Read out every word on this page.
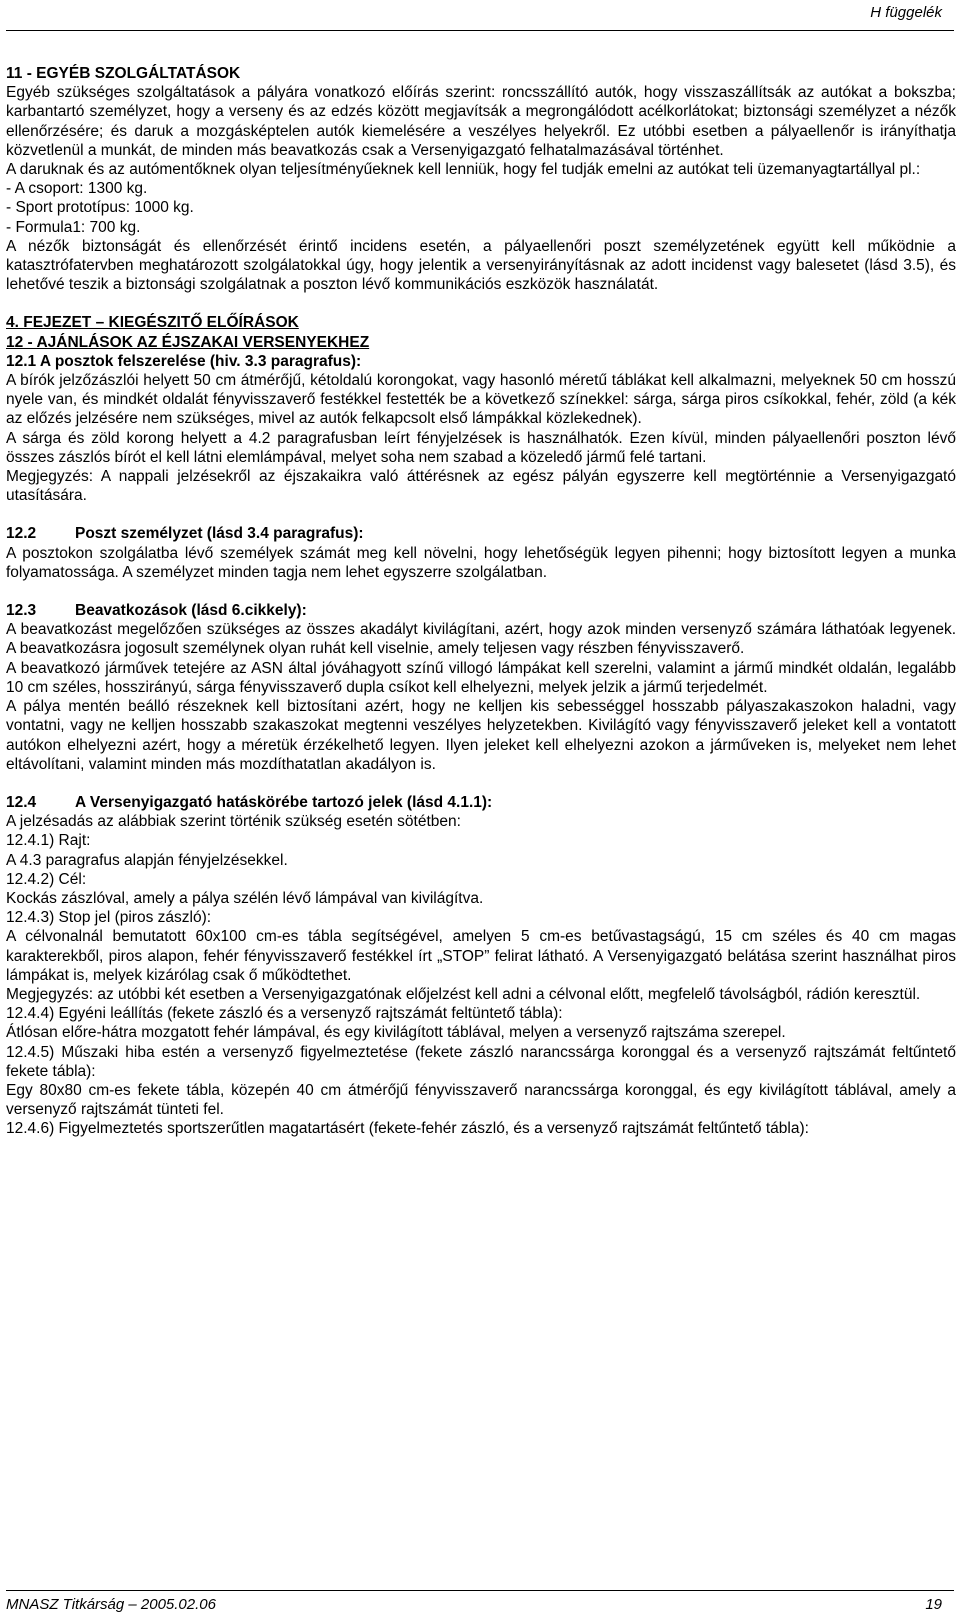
H függelék

11 - EGYÉB SZOLGÁLTATÁSOK

Egyéb szükséges szolgáltatások a pályára vonatkozó előírás szerint: roncsszállító autók, hogy visszaszállítsák az autókat a bokszba; karbantartó személyzet, hogy a verseny és az edzés között megjavítsák a megrongálódott acélkorlátokat; biztonsági személyzet a nézők ellenőrzésére; és daruk a mozgásképtelen autók kiemelésére a veszélyes helyekről. Ez utóbbi esetben a pályaellenőr is irányíthatja közvetlenül a munkát, de minden más beavatkozás csak a Versenyigazgató felhatalmazásával történhet.

A daruknak és az autómentőknek olyan teljesítményűeknek kell lenniük, hogy fel tudják emelni az autókat teli üzemanyagtartállyal pl.:

- A csoport: 1300 kg.

- Sport prototípus: 1000 kg.

- Formula1: 700 kg.

A nézők biztonságát és ellenőrzését érintő incidens esetén, a pályaellenőri poszt személyzetének együtt kell működnie a katasztrófatervben meghatározott szolgálatokkal úgy, hogy jelentik a versenyirányításnak az adott incidenst vagy balesetet (lásd 3.5), és lehetővé teszik a biztonsági szolgálatnak a poszton lévő kommunikációs eszközök használatát.

4. FEJEZET – KIEGÉSZITŐ ELŐÍRÁSOK

12 - AJÁNLÁSOK AZ ÉJSZAKAI VERSENYEKHEZ

12.1 A posztok felszerelése (hiv. 3.3 paragrafus):

A bírók jelzőzászlói helyett 50 cm átmérőjű, kétoldalú korongokat, vagy hasonló méretű táblákat kell alkalmazni, melyeknek 50 cm hosszú nyele van, és mindkét oldalát fényvisszaverő festékkel festették be a következő színekkel: sárga, sárga piros csíkokkal, fehér, zöld (a kék az előzés jelzésére nem szükséges, mivel az autók felkapcsolt első lámpákkal közlekednek).

A sárga és zöld korong helyett a 4.2 paragrafusban leírt fényjelzések is használhatók. Ezen kívül, minden pályaellenőri poszton lévő összes zászlós bírót el kell látni elemlámpával, melyet soha nem szabad a közeledő jármű felé tartani.

Megjegyzés: A nappali jelzésekről az éjszakaikra való áttérésnek az egész pályán egyszerre kell megtörténnie a Versenyigazgató utasítására.

12.2	Poszt személyzet (lásd 3.4 paragrafus):

A posztokon szolgálatba lévő személyek számát meg kell növelni, hogy lehetőségük legyen pihenni; hogy biztosított legyen a munka folyamatossága. A személyzet minden tagja nem lehet egyszerre szolgálatban.

12.3	Beavatkozások (lásd 6.cikkely):

A beavatkozást megelőzően szükséges az összes akadályt kivilágítani, azért, hogy azok minden versenyző számára láthatóak legyenek. A beavatkozásra jogosult személynek olyan ruhát kell viselnie, amely teljesen vagy részben fényvisszaverő.

A beavatkozó járművek tetejére az ASN által jóváhagyott színű villogó lámpákat kell szerelni, valamint a jármű mindkét oldalán, legalább 10 cm széles, hosszirányú, sárga fényvisszaverő dupla csíkot kell elhelyezni, melyek jelzik a jármű terjedelmét.

A pálya mentén beálló részeknek kell biztosítani azért, hogy ne kelljen kis sebességgel hosszabb pályaszakaszokon haladni, vagy vontatni, vagy ne kelljen hosszabb szakaszokat megtenni veszélyes helyzetekben. Kivilágító vagy fényvisszaverő jeleket kell a vontatott autókon elhelyezni azért, hogy a méretük érzékelhető legyen. Ilyen jeleket kell elhelyezni azokon a járműveken is, melyeket nem lehet eltávolítani, valamint minden más mozdíthatatlan akadályon is.

12.4	A Versenyigazgató hatáskörébe tartozó jelek (lásd 4.1.1):

A jelzésadás az alábbiak szerint történik szükség esetén sötétben:

12.4.1) Rajt:

A 4.3 paragrafus alapján fényjelzésekkel.

12.4.2) Cél:

Kockás zászlóval, amely a pálya szélén lévő lámpával van kivilágítva.

12.4.3) Stop jel (piros zászló):

A célvonalnál bemutatott 60x100 cm-es tábla segítségével, amelyen 5 cm-es betűvastagságú, 15 cm széles és 40 cm magas karakterekből, piros alapon, fehér fényvisszaverő festékkel írt „STOP” felirat látható. A Versenyigazgató belátása szerint használhat piros lámpákat is, melyek kizárólag csak ő működtethet.

Megjegyzés: az utóbbi két esetben a Versenyigazgatónak előjelzést kell adni a célvonal előtt, megfelelő távolságból, rádión keresztül.

12.4.4) Egyéni leállítás (fekete zászló és a versenyző rajtszámát feltüntető tábla):

Átlósan előre-hátra mozgatott fehér lámpával, és egy kivilágított táblával, melyen a versenyző rajtszáma szerepel.

12.4.5) Műszaki hiba estén a versenyző figyelmeztetése (fekete zászló narancssárga koronggal és a versenyző rajtszámát feltűntető fekete tábla):

Egy 80x80 cm-es fekete tábla, közepén 40 cm átmérőjű fényvisszaverő narancssárga koronggal, és egy kivilágított táblával, amely a versenyző rajtszámát tünteti fel.

12.4.6) Figyelmeztetés sportszerűtlen magatartásért (fekete-fehér zászló, és a versenyző rajtszámát feltűntető tábla):

MNASZ Titkárság – 2005.02.06	19
